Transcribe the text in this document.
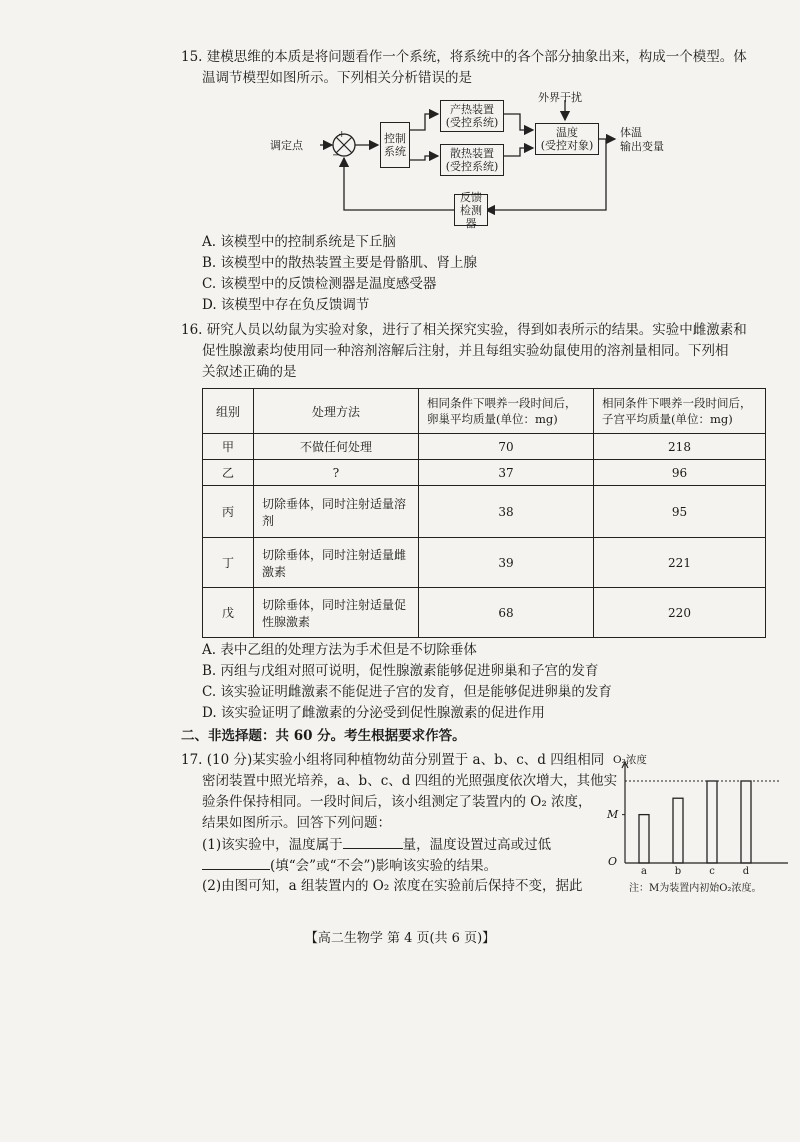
15. 建模思维的本质是将问题看作一个系统，将系统中的各个部分抽象出来，构成一个模型。体
温调节模型如图所示。下列相关分析错误的是
调定点
+
−
控制
系统
产热装置
(受控系统)
散热装置
(受控系统)
温度
(受控对象)
外界干扰
体温
输出变量
反馈
检测器
A. 该模型中的控制系统是下丘脑
B. 该模型中的散热装置主要是骨骼肌、肾上腺
C. 该模型中的反馈检测器是温度感受器
D. 该模型中存在负反馈调节
16. 研究人员以幼鼠为实验对象，进行了相关探究实验，得到如表所示的结果。实验中雌激素和
促性腺激素均使用同一种溶剂溶解后注射，并且每组实验幼鼠使用的溶剂量相同。下列相
关叙述正确的是
组别	处理方法	相同条件下喂养一段时间后，卵巢平均质量(单位：mg)	相同条件下喂养一段时间后，子宫平均质量(单位：mg)
甲	不做任何处理	70	218
乙	?	37	96
丙	切除垂体，同时注射适量溶剂	38	95
丁	切除垂体，同时注射适量雌激素	39	221
戊	切除垂体，同时注射适量促性腺激素	68	220
A. 表中乙组的处理方法为手术但是不切除垂体
B. 丙组与戊组对照可说明，促性腺激素能够促进卵巢和子宫的发育
C. 该实验证明雌激素不能促进子宫的发育，但是能够促进卵巢的发育
D. 该实验证明了雌激素的分泌受到促性腺激素的促进作用
二、非选择题：共 60 分。考生根据要求作答。
17. (10 分)某实验小组将同种植物幼苗分别置于 a、b、c、d 四组相同
密闭装置中照光培养，a、b、c、d 四组的光照强度依次增大，其他实
验条件保持相同。一段时间后，该小组测定了装置内的 O₂ 浓度，
结果如图所示。回答下列问题：
(1)该实验中，温度属于	量，温度设置过高或过低
(填“会”或“不会”)影响该实验的结果。
(2)由图可知，a 组装置内的 O₂ 浓度在实验前后保持不变，据此
a	b	c	d
O₂浓度
O
M
注：M为装置内初始O₂浓度。
【高二生物学 第 4 页(共 6 页)】
